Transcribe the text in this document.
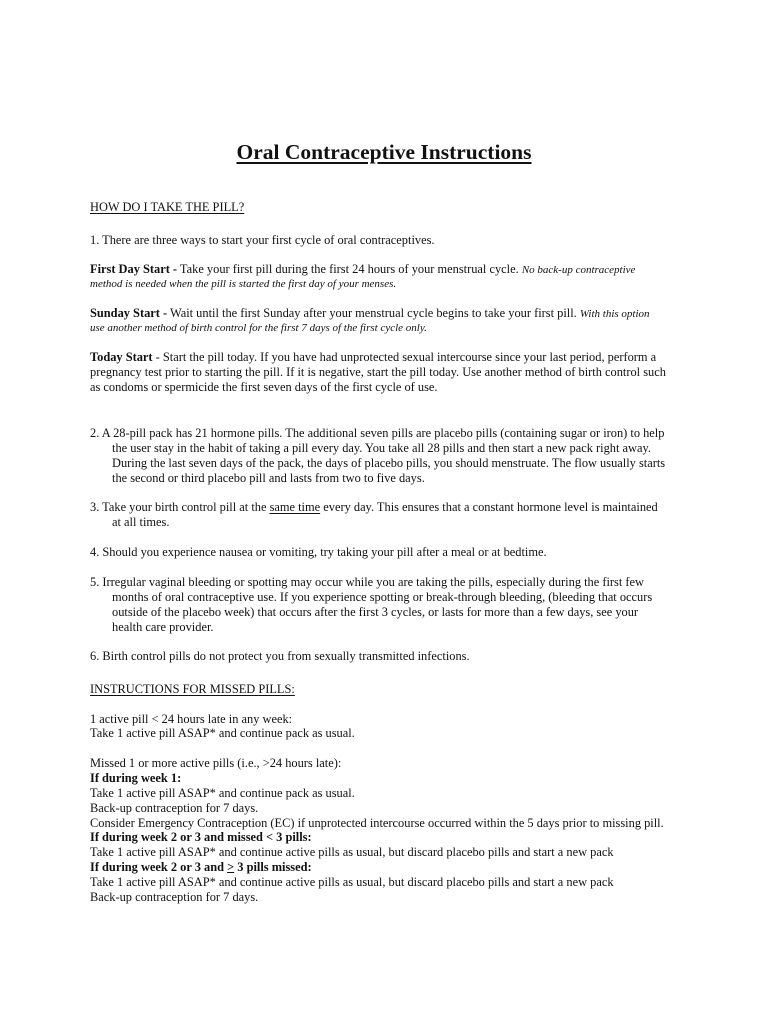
Oral Contraceptive Instructions

HOW DO I TAKE THE PILL?

1. There are three ways to start your first cycle of oral contraceptives.

First Day Start - Take your first pill during the first 24 hours of your menstrual cycle. No back-up contraceptive

method is needed when the pill is started the first day of your menses.

Sunday Start - Wait until the first Sunday after your menstrual cycle begins to take your first pill. With this option

use another method of birth control for the first 7 days of the first cycle only.

Today Start - Start the pill today. If you have had unprotected sexual intercourse since your last period, perform a

pregnancy test prior to starting the pill. If it is negative, start the pill today. Use another method of birth control such

as condoms or spermicide the first seven days of the first cycle of use.

2. A 28-pill pack has 21 hormone pills. The additional seven pills are placebo pills (containing sugar or iron) to help

the user stay in the habit of taking a pill every day. You take all 28 pills and then start a new pack right away.

During the last seven days of the pack, the days of placebo pills, you should menstruate. The flow usually starts

the second or third placebo pill and lasts from two to five days.

3. Take your birth control pill at the same time every day. This ensures that a constant hormone level is maintained

at all times.

4. Should you experience nausea or vomiting, try taking your pill after a meal or at bedtime.

5. Irregular vaginal bleeding or spotting may occur while you are taking the pills, especially during the first few

months of oral contraceptive use. If you experience spotting or break-through bleeding, (bleeding that occurs

outside of the placebo week) that occurs after the first 3 cycles, or lasts for more than a few days, see your

health care provider.

6. Birth control pills do not protect you from sexually transmitted infections.

INSTRUCTIONS FOR MISSED PILLS:

1 active pill < 24 hours late in any week:

Take 1 active pill ASAP* and continue pack as usual.

Missed 1 or more active pills (i.e., >24 hours late):

If during week 1:

Take 1 active pill ASAP* and continue pack as usual.

Back-up contraception for 7 days.

Consider Emergency Contraception (EC) if unprotected intercourse occurred within the 5 days prior to missing pill.

If during week 2 or 3 and missed < 3 pills:

Take 1 active pill ASAP* and continue active pills as usual, but discard placebo pills and start a new pack

If during week 2 or 3 and ≥ 3 pills missed:

Take 1 active pill ASAP* and continue active pills as usual, but discard placebo pills and start a new pack

Back-up contraception for 7 days.
